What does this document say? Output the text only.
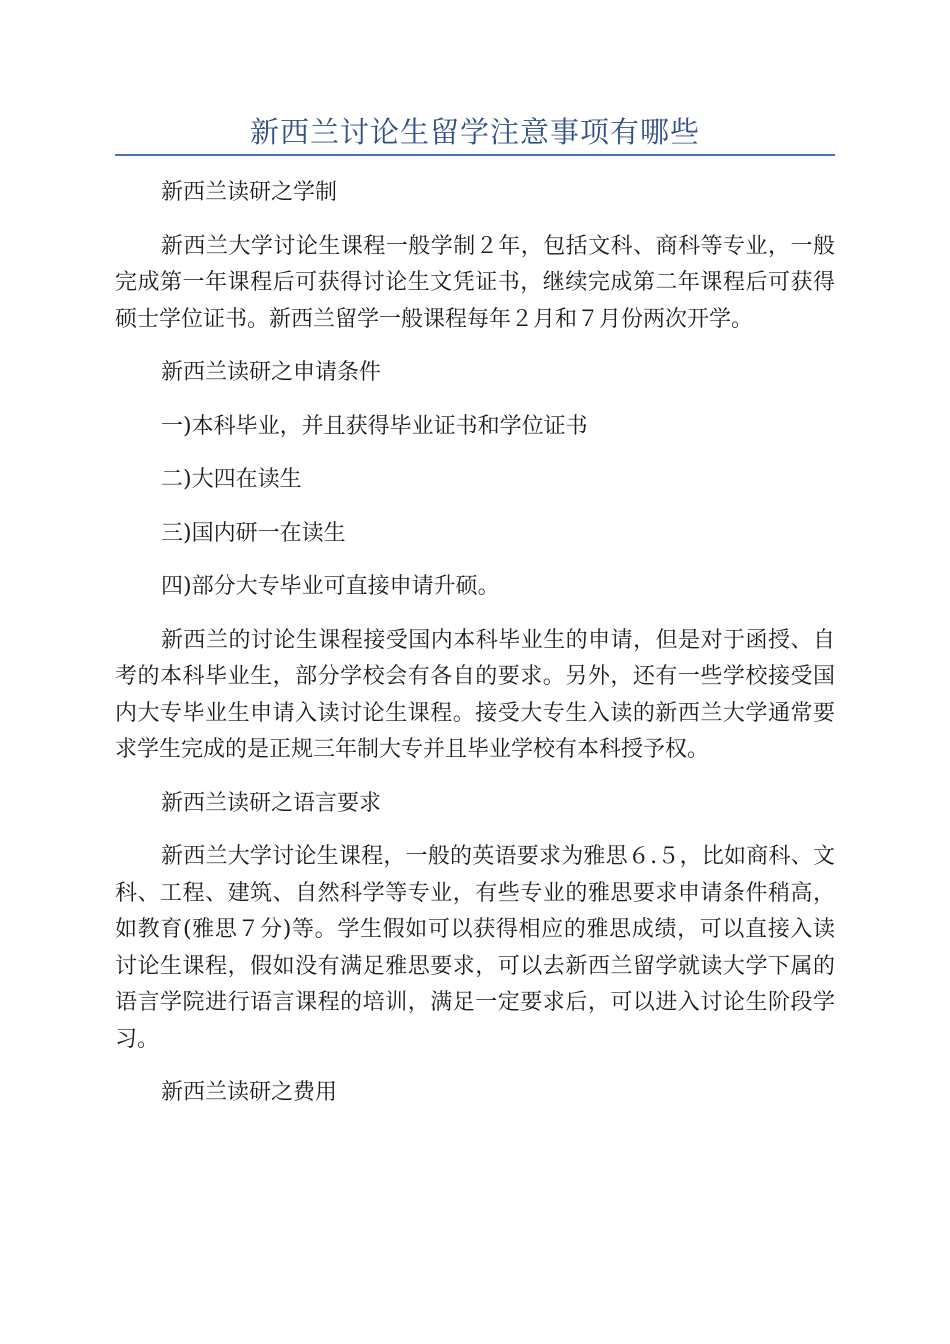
新西兰讨论生留学注意事项有哪些

新西兰读研之学制

新西兰大学讨论生课程一般学制２年，包括文科、商科等专业，一般完成第一年课程后可获得讨论生文凭证书，继续完成第二年课程后可获得硕士学位证书。新西兰留学一般课程每年２月和７月份两次开学。

新西兰读研之申请条件

一)本科毕业，并且获得毕业证书和学位证书

二)大四在读生

三)国内研一在读生

四)部分大专毕业可直接申请升硕。

新西兰的讨论生课程接受国内本科毕业生的申请，但是对于函授、自考的本科毕业生，部分学校会有各自的要求。另外，还有一些学校接受国内大专毕业生申请入读讨论生课程。接受大专生入读的新西兰大学通常要求学生完成的是正规三年制大专并且毕业学校有本科授予权。

新西兰读研之语言要求

新西兰大学讨论生课程，一般的英语要求为雅思６.５，比如商科、文科、工程、建筑、自然科学等专业，有些专业的雅思要求申请条件稍高，如教育(雅思７分)等。学生假如可以获得相应的雅思成绩，可以直接入读讨论生课程，假如没有满足雅思要求，可以去新西兰留学就读大学下属的语言学院进行语言课程的培训，满足一定要求后，可以进入讨论生阶段学习。

新西兰读研之费用
